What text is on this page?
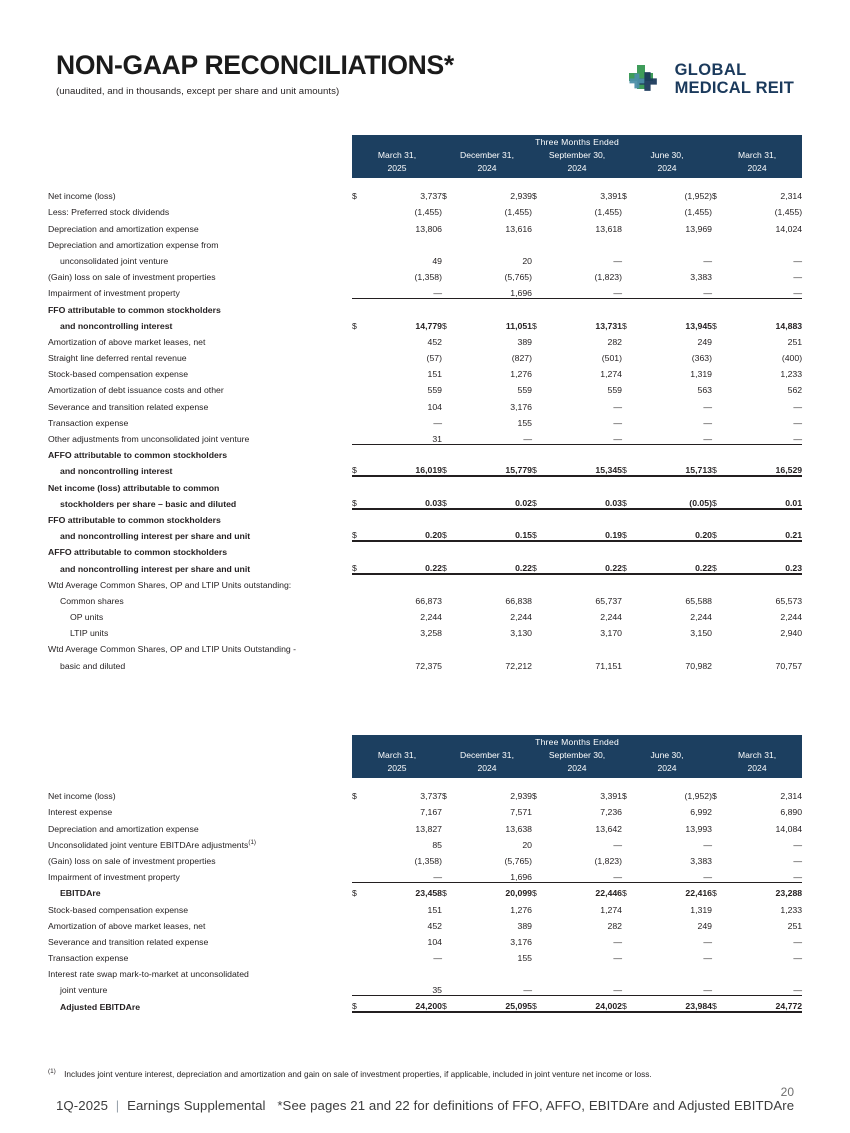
NON-GAAP RECONCILIATIONS*
(unaudited, and in thousands, except per share and unit amounts)
GLOBAL
MEDICAL REIT
	Three Months Ended									
	March 31,		December 31,		September 30,		June 30,		March 31,	
FFO and AFFO	2025		2024		2024		2024		2024	

Net income (loss)	$	3,737	$	2,939	$	3,391	$	(1,952)	$	2,314
Less: Preferred stock dividends		(1,455)		(1,455)		(1,455)		(1,455)		(1,455)
Depreciation and amortization expense		13,806		13,616		13,618		13,969		14,024
Depreciation and amortization expense from										
unconsolidated joint venture		49		20		—		—		—
(Gain) loss on sale of investment properties		(1,358)		(5,765)		(1,823)		3,383		—
Impairment of investment property		—		1,696		—		—		—
FFO attributable to common stockholders										
and noncontrolling interest	$	14,779	$	11,051	$	13,731	$	13,945	$	14,883
Amortization of above market leases, net		452		389		282		249		251
Straight line deferred rental revenue		(57)		(827)		(501)		(363)		(400)
Stock-based compensation expense		151		1,276		1,274		1,319		1,233
Amortization of debt issuance costs and other		559		559		559		563		562
Severance and transition related expense		104		3,176		—		—		—
Transaction expense		—		155		—		—		—
Other adjustments from unconsolidated joint venture		31		—		—		—		—
AFFO attributable to common stockholders										
and noncontrolling interest	$	16,019	$	15,779	$	15,345	$	15,713	$	16,529
Net income (loss) attributable to common										
stockholders per share – basic and diluted	$	0.03	$	0.02	$	0.03	$	(0.05)	$	0.01
FFO attributable to common stockholders										
and noncontrolling interest per share and unit	$	0.20	$	0.15	$	0.19	$	0.20	$	0.21
AFFO attributable to common stockholders										
and noncontrolling interest per share and unit	$	0.22	$	0.22	$	0.22	$	0.22	$	0.23
Wtd Average Common Shares, OP and LTIP Units outstanding:										
Common shares		66,873		66,838		65,737		65,588		65,573
OP units		2,244		2,244		2,244		2,244		2,244
LTIP units		3,258		3,130		3,170		3,150		2,940
Wtd Average Common Shares, OP and LTIP Units Outstanding -										
basic and diluted		72,375		72,212		71,151		70,982		70,757
	Three Months Ended									
	March 31,		December 31,		September 30,		June 30,		March 31,	
EBITDAre and Adjusted EBITDAre	2025		2024		2024		2024		2024	

Net income (loss)	$	3,737	$	2,939	$	3,391	$	(1,952)	$	2,314
Interest expense		7,167		7,571		7,236		6,992		6,890
Depreciation and amortization expense		13,827		13,638		13,642		13,993		14,084
Unconsolidated joint venture EBITDAre adjustments$^{(1)}$		85		20		—		—		—
(Gain) loss on sale of investment properties		(1,358)		(5,765)		(1,823)		3,383		—
Impairment of investment property		—		1,696		—		—		—
EBITDAre	$	23,458	$	20,099	$	22,446	$	22,416	$	23,288
Stock-based compensation expense		151		1,276		1,274		1,319		1,233
Amortization of above market leases, net		452		389		282		249		251
Severance and transition related expense		104		3,176		—		—		—
Transaction expense		—		155		—		—		—
Interest rate swap mark-to-market at unconsolidated										
joint venture		35		—		—		—		—
Adjusted EBITDAre	$	24,200	$	25,095	$	24,002	$	23,984	$	24,772
$^{(1)}$ Includes joint venture interest, depreciation and amortization and gain on sale of investment properties, if applicable, included in joint venture net income or loss.
20
1Q-2025 | Earnings Supplemental *See pages 21 and 22 for definitions of FFO, AFFO, EBITDAre and Adjusted EBITDAre
